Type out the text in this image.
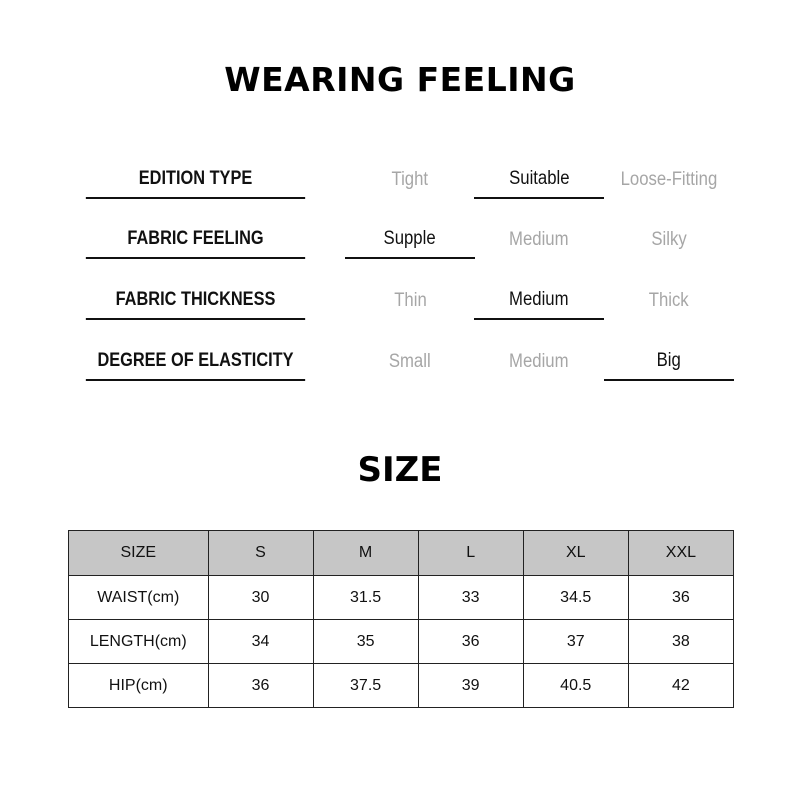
WEARING FEELING
EDITION TYPE	Tight	Suitable	Loose-Fitting
FABRIC FEELING	Supple	Medium	Silky
FABRIC THICKNESS	Thin	Medium	Thick
DEGREE OF ELASTICITY	Small	Medium	Big
SIZE
SIZE	S	M	L	XL	XXL
WAIST(cm)	30	31.5	33	34.5	36
LENGTH(cm)	34	35	36	37	38
HIP(cm)	36	37.5	39	40.5	42
